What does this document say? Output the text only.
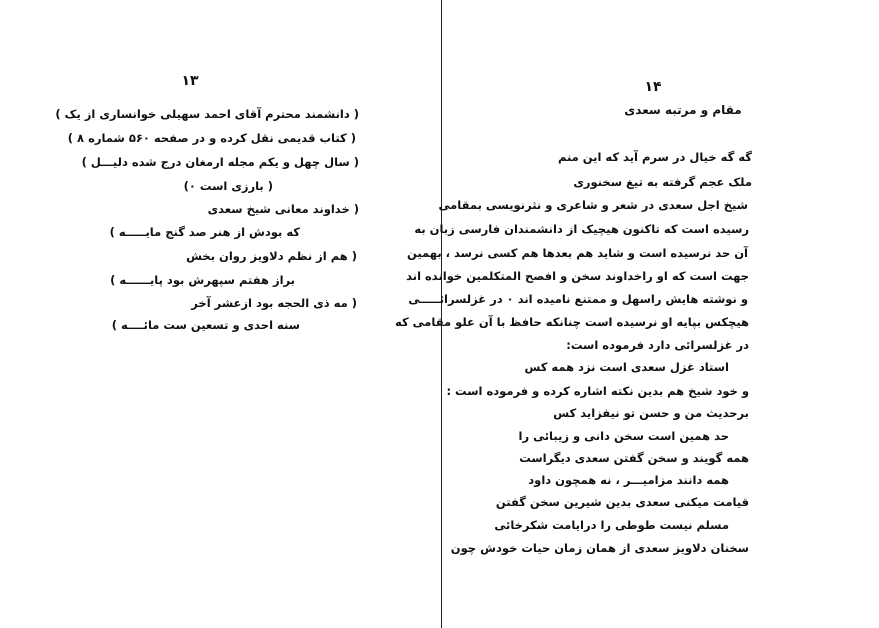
١٣
( دانشمند محترم آقای احمد سهیلی خوانساری از یک )
( کتاب قدیمی نقل کرده و در صفحه ۵۶۰ شماره ۸ )
( سال چهل و یکم مجله ارمغان درج شده دلیـــل )
( بارزی است ٠)
( خداوند معانی شیخ سعدی
که بودش از هنر صد گنج مایـــــه )
( هم از نظم دلاویز روان بخش
براز هفتم سپهرش بود پایــــــه )
( مه ذی الحجه بود ازعشر آخر
سنه احدی و تسعین ست مائــــه )
١۴
مقام و مرتبه سعدی
گه گه خیال در سرم آید که این منم
ملک عجم گرفته به تیغ سخنوری
شیخ اجل سعدی در شعر و شاعری و نثرنویسی بمقامی
رسیده است که تاکنون هیچیک از دانشمندان فارسی زبان به
آن حد نرسیده است و شاید هم بعدها هم کسی نرسد ، بهمین
جهت است که او راخداوند سخن و افصح المتکلمین خوانده اند
و نوشته هایش راسهل و ممتنع نامیده اند ٠ در غزلسرائـــــی
هیچکس بپایه او نرسیده است چنانکه حافظ با آن علو مقامی که
در غزلسرائی دارد فرموده است:
استاد غزل سعدی است نزد همه کس
و خود شیخ هم بدین نکته اشاره کرده و فرموده است :
برحدیث من و حسن تو نیفزاید کس
حد همین است سخن دانی و زیبائی را
همه گویند و سخن گفتن سعدی دیگراست
همه دانند مزامیـــر ، نه همچون داود
قیامت میکنی سعدی بدین شیرین سخن گفتن
مسلم نیست طوطی را درایامت شکرخائی
سخنان دلاویز سعدی از همان زمان حیات خودش چون
